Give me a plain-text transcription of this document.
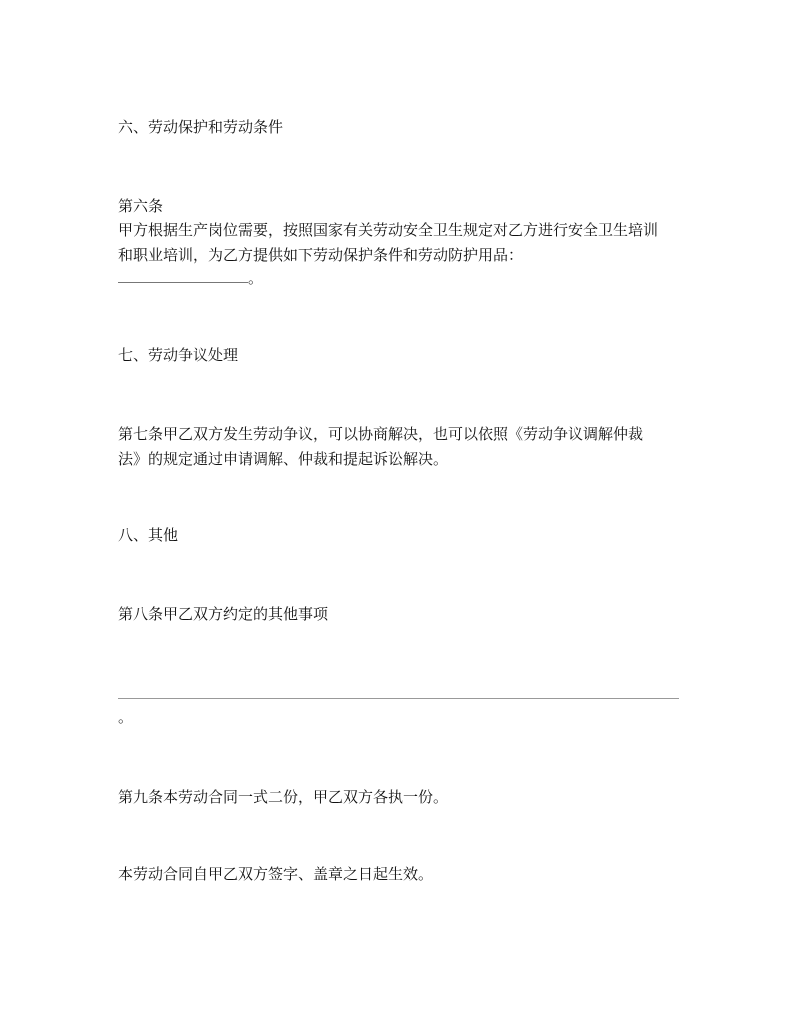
六、劳动保护和劳动条件

第六条

甲方根据生产岗位需要，按照国家有关劳动安全卫生规定对乙方进行安全卫生培训

和职业培训，为乙方提供如下劳动保护条件和劳动防护用品：

。

七、劳动争议处理

第七条甲乙双方发生劳动争议，可以协商解决，也可以依照《劳动争议调解仲裁

法》的规定通过申请调解、仲裁和提起诉讼解决。

八、其他

第八条甲乙双方约定的其他事项

。

第九条本劳动合同一式二份，甲乙双方各执一份。

本劳动合同自甲乙双方签字、盖章之日起生效。
